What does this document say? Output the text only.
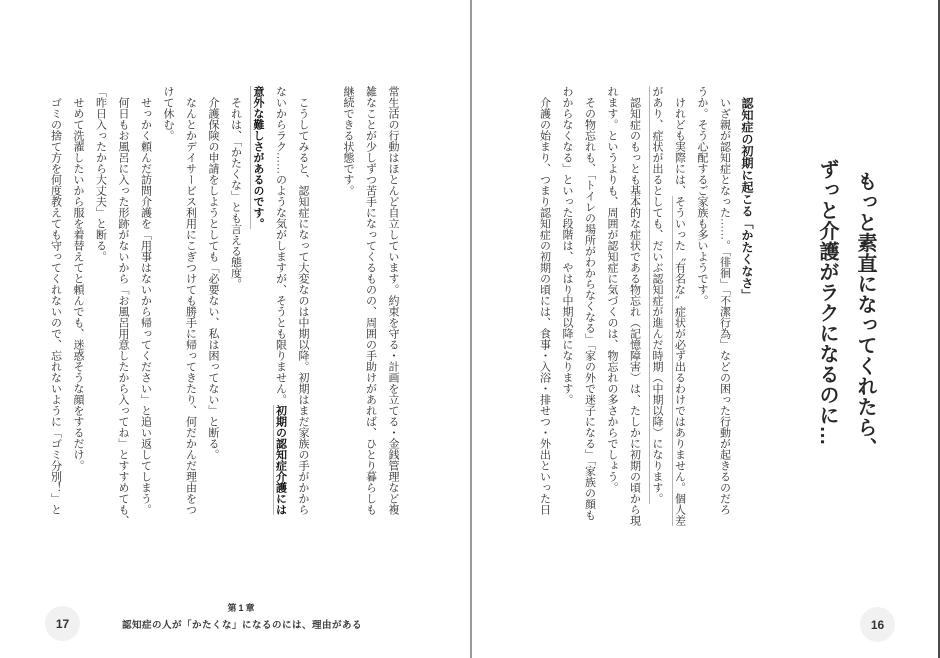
もっと素直になってくれたら、
ずっと介護がラクになるのに…
認知症の初期に起こる「かたくなさ」
いざ親が認知症となった……。「徘徊」「不潔行為」などの困った行動が起きるのだろ
うか。そう心配するご家族も多いようです。
けれども実際には、そういった〝有名な〞症状が必ず出るわけではありません。個人差
があり、症状が出るとしても、だいぶ認知症が進んだ時期（中期以降）になります。
認知症のもっとも基本的な症状である物忘れ（記憶障害）は、たしかに初期の頃から現
れます。というよりも、周囲が認知症に気づくのは、物忘れの多さからでしょう。
その物忘れも、「トイレの場所がわからなくなる」「家の外で迷子になる」「家族の顔も
わからなくなる」といった段階は、やはり中期以降になります。
介護の始まり、つまり認知症の初期の頃には、食事・入浴・排せつ・外出といった日
16
常生活の行動はほとんど自立しています。約束を守る・計画を立てる・金銭管理など複
雑なことが少しずつ苦手になってくるものの、周囲の手助けがあれば、ひとり暮らしも
継続できる状態です。
こうしてみると、認知症になって大変なのは中期以降。初期はまだ家族の手がかから
ないからラク……のような気がしますが、そうとも限りません。初期の認知症介護には
意外な難しさがあるのです。
それは、「かたくな」とも言える態度。
介護保険の申請をしようとしても「必要ない、私は困ってない」と断る。
なんとかデイサービス利用にこぎつけても勝手に帰ってきたり、何だかんだ理由をつ
けて休む。
せっかく頼んだ訪問介護を「用事はないから帰ってください」と追い返してしまう。
何日もお風呂に入った形跡がないから「お風呂用意したから入ってね」とすすめても、
「昨日入ったから大丈夫」と断る。
せめて洗濯したいから服を着替えてと頼んでも、迷惑そうな顔をするだけ。
ゴミの捨て方を何度教えても守ってくれないので、忘れないように「ゴミ分別！」と
第1章
認知症の人が「かたくな」になるのには、理由がある
17
